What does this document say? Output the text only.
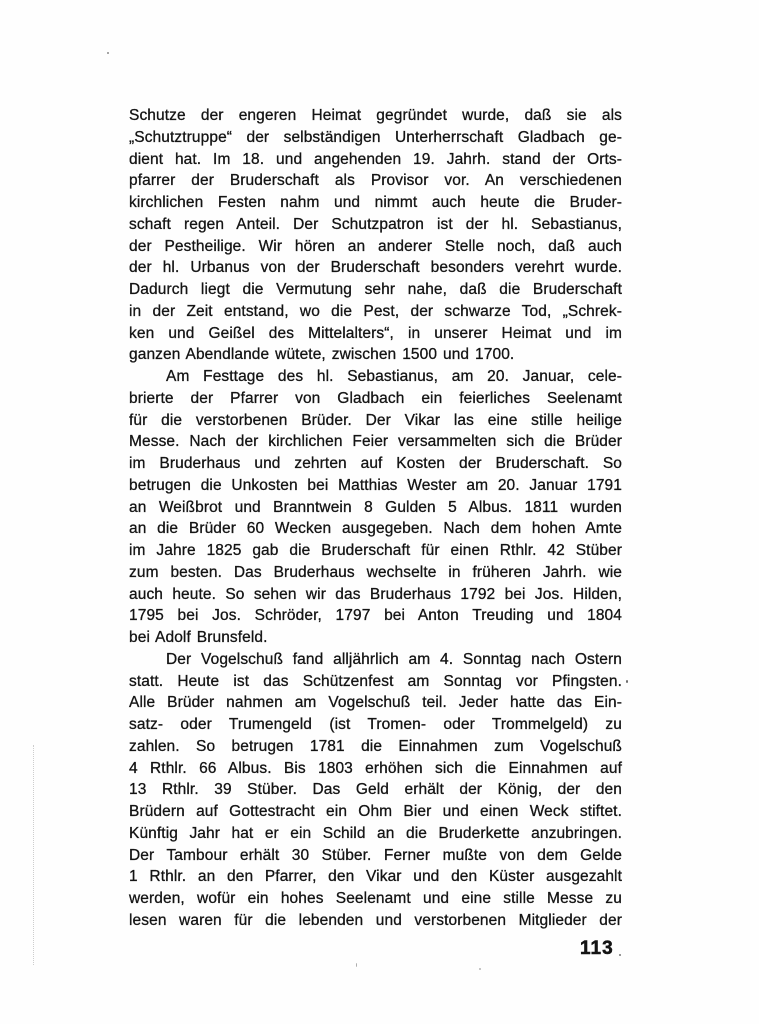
Schutze der engeren Heimat gegründet wurde, daß sie als
„Schutztruppe“ der selbständigen Unterherrschaft Gladbach ge-
dient hat. Im 18. und angehenden 19. Jahrh. stand der Orts-
pfarrer der Bruderschaft als Provisor vor. An verschiedenen
kirchlichen Festen nahm und nimmt auch heute die Bruder-
schaft regen Anteil. Der Schutzpatron ist der hl. Sebastianus,
der Pestheilige. Wir hören an anderer Stelle noch, daß auch
der hl. Urbanus von der Bruderschaft besonders verehrt wurde.
Dadurch liegt die Vermutung sehr nahe, daß die Bruderschaft
in der Zeit entstand, wo die Pest, der schwarze Tod, „Schrek-
ken und Geißel des Mittelalters“, in unserer Heimat und im
ganzen Abendlande wütete, zwischen 1500 und 1700.
Am Festtage des hl. Sebastianus, am 20. Januar, cele-
brierte der Pfarrer von Gladbach ein feierliches Seelenamt
für die verstorbenen Brüder. Der Vikar las eine stille heilige
Messe. Nach der kirchlichen Feier versammelten sich die Brüder
im Bruderhaus und zehrten auf Kosten der Bruderschaft. So
betrugen die Unkosten bei Matthias Wester am 20. Januar 1791
an Weißbrot und Branntwein 8 Gulden 5 Albus. 1811 wurden
an die Brüder 60 Wecken ausgegeben. Nach dem hohen Amte
im Jahre 1825 gab die Bruderschaft für einen Rthlr. 42 Stüber
zum besten. Das Bruderhaus wechselte in früheren Jahrh. wie
auch heute. So sehen wir das Bruderhaus 1792 bei Jos. Hilden,
1795 bei Jos. Schröder, 1797 bei Anton Treuding und 1804
bei Adolf Brunsfeld.
Der Vogelschuß fand alljährlich am 4. Sonntag nach Ostern
statt. Heute ist das Schützenfest am Sonntag vor Pfingsten.
Alle Brüder nahmen am Vogelschuß teil. Jeder hatte das Ein-
satz- oder Trumengeld (ist Tromen- oder Trommelgeld) zu
zahlen. So betrugen 1781 die Einnahmen zum Vogelschuß
4 Rthlr. 66 Albus. Bis 1803 erhöhen sich die Einnahmen auf
13 Rthlr. 39 Stüber. Das Geld erhält der König, der den
Brüdern auf Gottestracht ein Ohm Bier und einen Weck stiftet.
Künftig Jahr hat er ein Schild an die Bruderkette anzubringen.
Der Tambour erhält 30 Stüber. Ferner mußte von dem Gelde
1 Rthlr. an den Pfarrer, den Vikar und den Küster ausgezahlt
werden, wofür ein hohes Seelenamt und eine stille Messe zu
lesen waren für die lebenden und verstorbenen Mitglieder der
113
